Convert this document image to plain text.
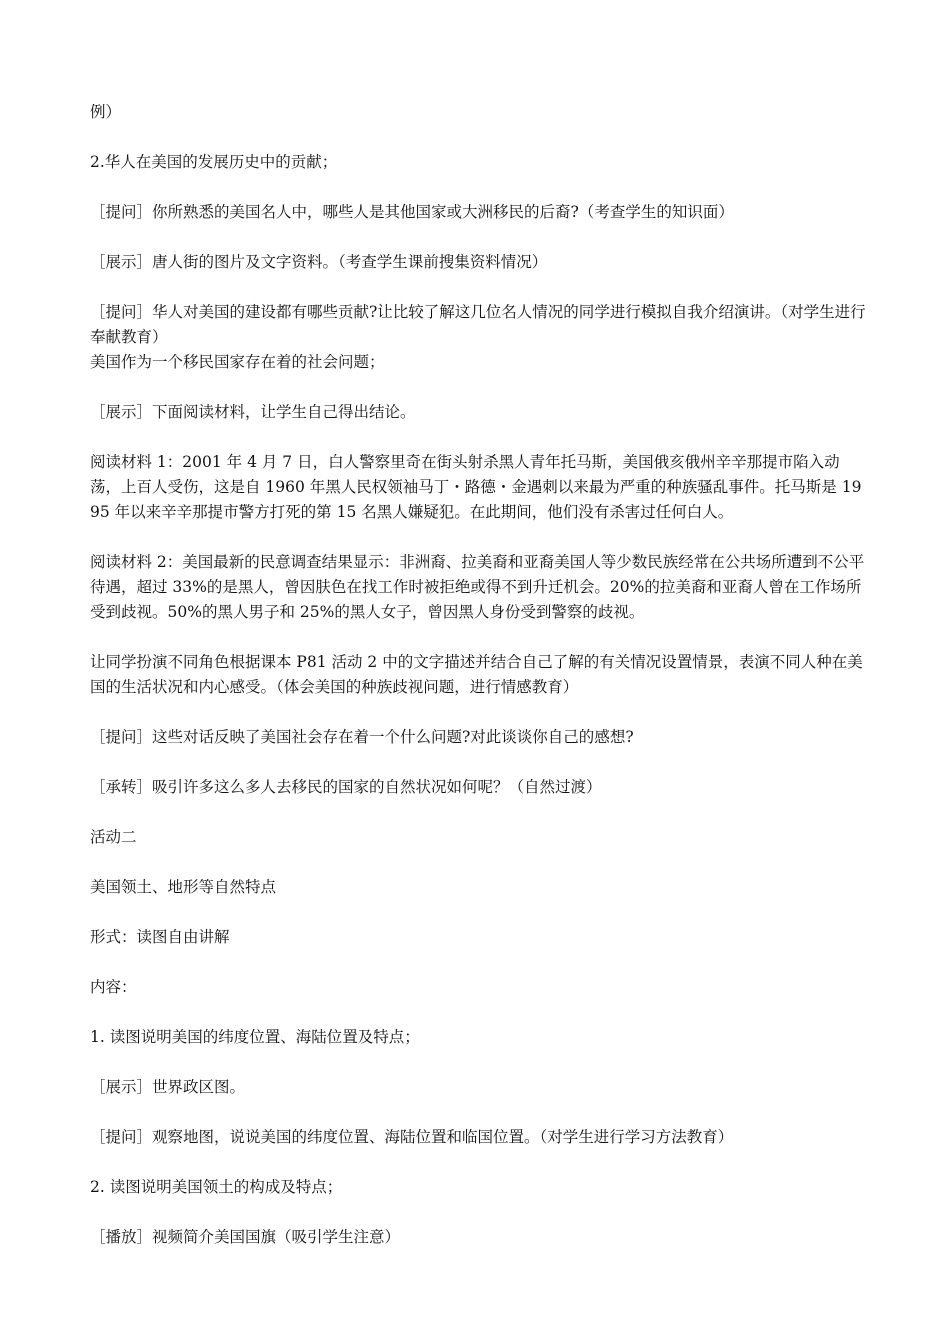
例）

2.华人在美国的发展历史中的贡献；

［提问］你所熟悉的美国名人中，哪些人是其他国家或大洲移民的后裔?（考查学生的知识面）

［展示］唐人街的图片及文字资料。（考查学生课前搜集资料情况）

［提问］华人对美国的建设都有哪些贡献?让比较了解这几位名人情况的同学进行模拟自我介绍演讲。（对学生进行奉献教育）

美国作为一个移民国家存在着的社会问题；

［展示］下面阅读材料，让学生自己得出结论。

阅读材料 1：2001 年 4 月 7 日，白人警察里奇在街头射杀黑人青年托马斯，美国俄亥俄州辛辛那提市陷入动荡，上百人受伤，这是自 1960 年黑人民权领袖马丁・路德・金遇刺以来最为严重的种族骚乱事件。托马斯是 1995 年以来辛辛那提市警方打死的第 15 名黑人嫌疑犯。在此期间，他们没有杀害过任何白人。

阅读材料 2：美国最新的民意调查结果显示：非洲裔、拉美裔和亚裔美国人等少数民族经常在公共场所遭到不公平待遇，超过 33%的是黑人，曾因肤色在找工作时被拒绝或得不到升迁机会。20%的拉美裔和亚裔人曾在工作场所受到歧视。50%的黑人男子和 25%的黑人女子，曾因黑人身份受到警察的歧视。

让同学扮演不同角色根据课本 P81 活动 2 中的文字描述并结合自己了解的有关情况设置情景，表演不同人种在美国的生活状况和内心感受。（体会美国的种族歧视问题，进行情感教育）

［提问］这些对话反映了美国社会存在着一个什么问题?对此谈谈你自己的感想?

［承转］吸引许多这么多人去移民的国家的自然状况如何呢？（自然过渡）

活动二

美国领土、地形等自然特点

形式：读图自由讲解

内容：

1. 读图说明美国的纬度位置、海陆位置及特点；

［展示］世界政区图。

［提问］观察地图，说说美国的纬度位置、海陆位置和临国位置。（对学生进行学习方法教育）

2. 读图说明美国领土的构成及特点；

［播放］视频简介美国国旗（吸引学生注意）
